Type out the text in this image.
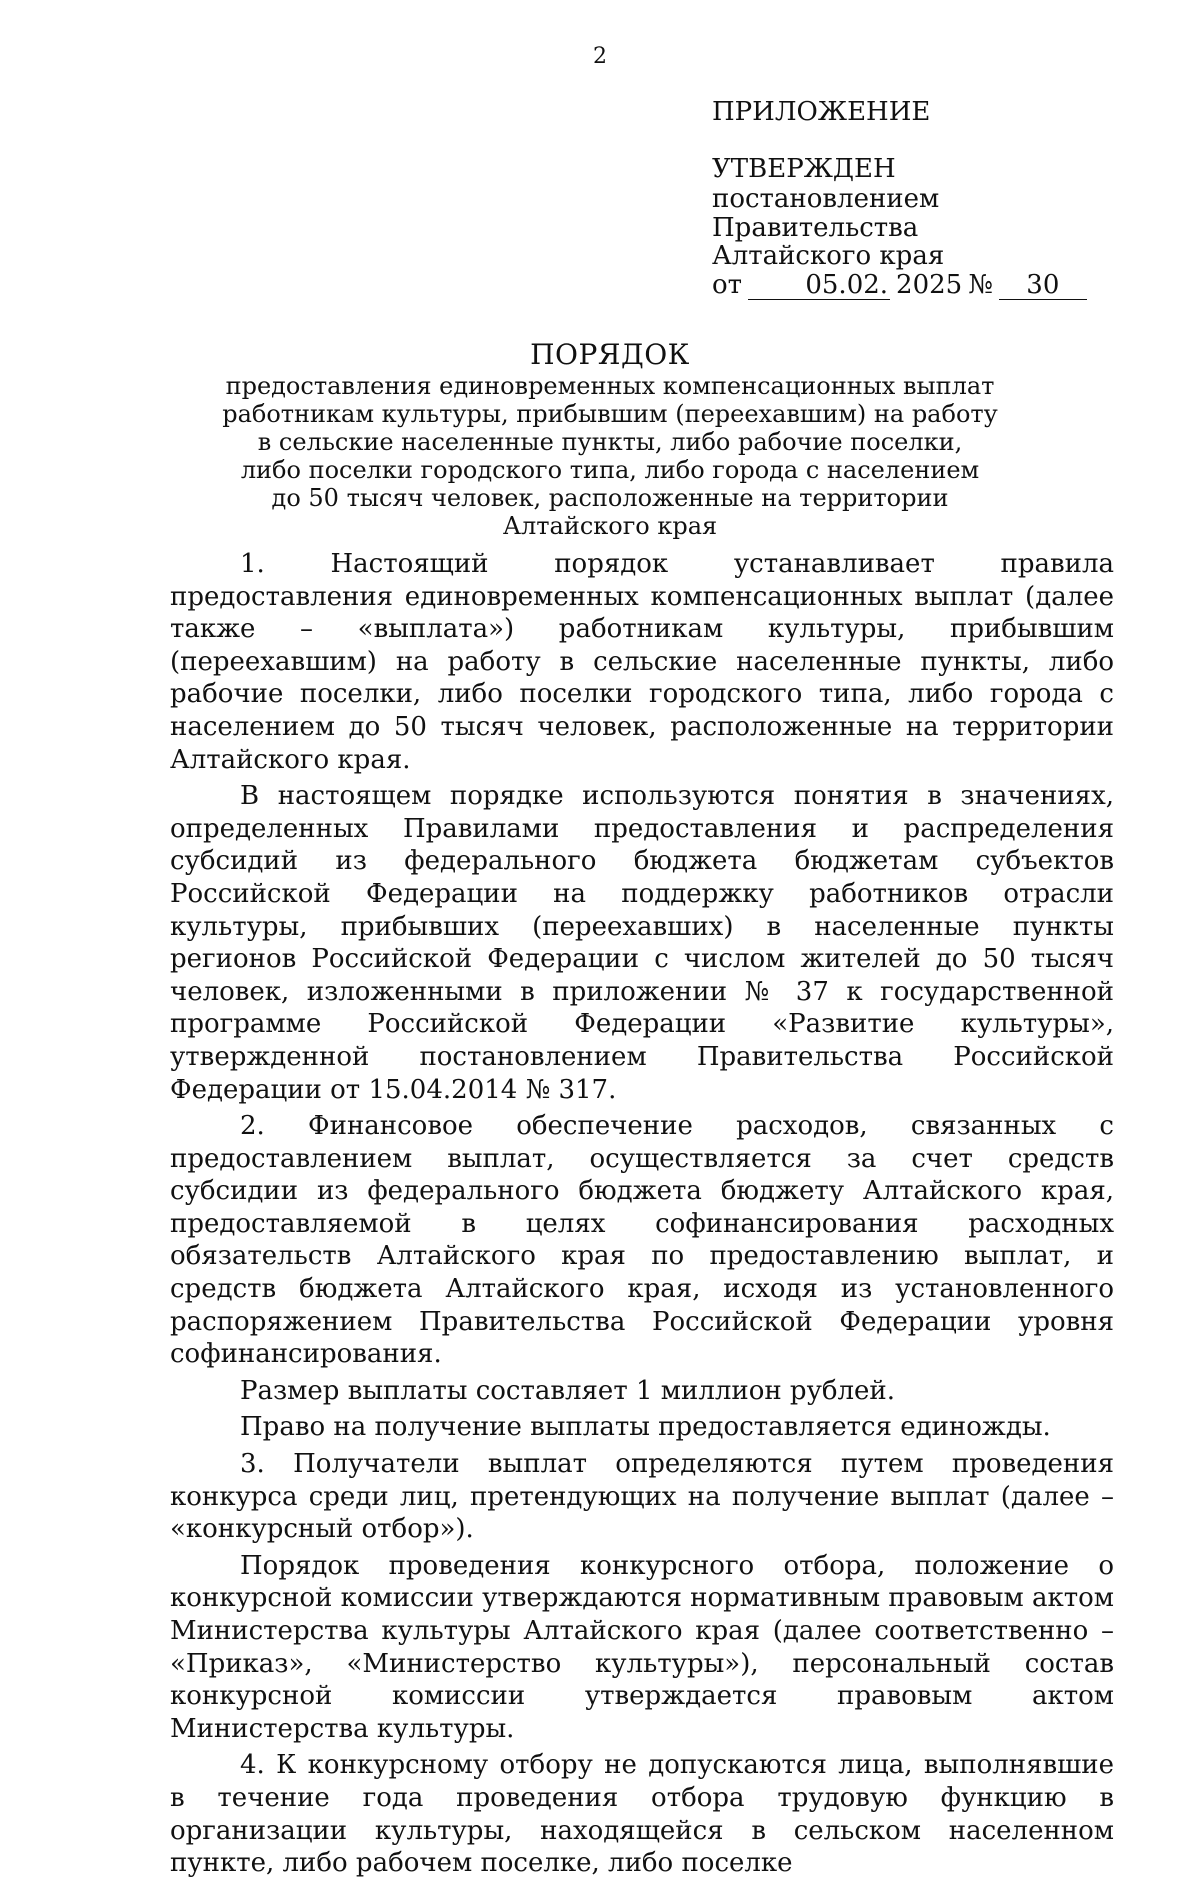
2
ПРИЛОЖЕНИЕ
УТВЕРЖДЕН
постановлением Правительства
Алтайского края
от	05.02. 2025 №	30
ПОРЯДОК
предоставления единовременных компенсационных выплат
работникам культуры, прибывшим (переехавшим) на работу
в сельские населенные пункты, либо рабочие поселки,
либо поселки городского типа, либо города с населением
до 50 тысяч человек, расположенные на территории
Алтайского края

1. Настоящий порядок устанавливает правила предоставления единовременных компенсационных выплат (далее также – «выплата») работникам культуры, прибывшим (переехавшим) на работу в сельские населенные пункты, либо рабочие поселки, либо поселки городского типа, либо города с населением до 50 тысяч человек, расположенные на территории Алтайского края.

В настоящем порядке используются понятия в значениях, определенных Правилами предоставления и распределения субсидий из федерального бюджета бюджетам субъектов Российской Федерации на поддержку работников отрасли культуры, прибывших (переехавших) в населенные пункты регионов Российской Федерации с числом жителей до 50 тысяч человек, изложенными в приложении № 37 к государственной программе Российской Федерации «Развитие культуры», утвержденной постановлением Правительства Российской Федерации от 15.04.2014 № 317.

2. Финансовое обеспечение расходов, связанных с предоставлением выплат, осуществляется за счет средств субсидии из федерального бюджета бюджету Алтайского края, предоставляемой в целях софинансирования расходных обязательств Алтайского края по предоставлению выплат, и средств бюджета Алтайского края, исходя из установленного распоряжением Правительства Российской Федерации уровня софинансирования.

Размер выплаты составляет 1 миллион рублей.

Право на получение выплаты предоставляется единожды.

3. Получатели выплат определяются путем проведения конкурса среди лиц, претендующих на получение выплат (далее – «конкурсный отбор»).

Порядок проведения конкурсного отбора, положение о конкурсной комиссии утверждаются нормативным правовым актом Министерства культуры Алтайского края (далее соответственно – «Приказ», «Министерство культуры»), персональный состав конкурсной комиссии утверждается правовым актом Министерства культуры.

4. К конкурсному отбору не допускаются лица, выполнявшие в течение года проведения отбора трудовую функцию в организации культуры, находящейся в сельском населенном пункте, либо рабочем поселке, либо поселке
